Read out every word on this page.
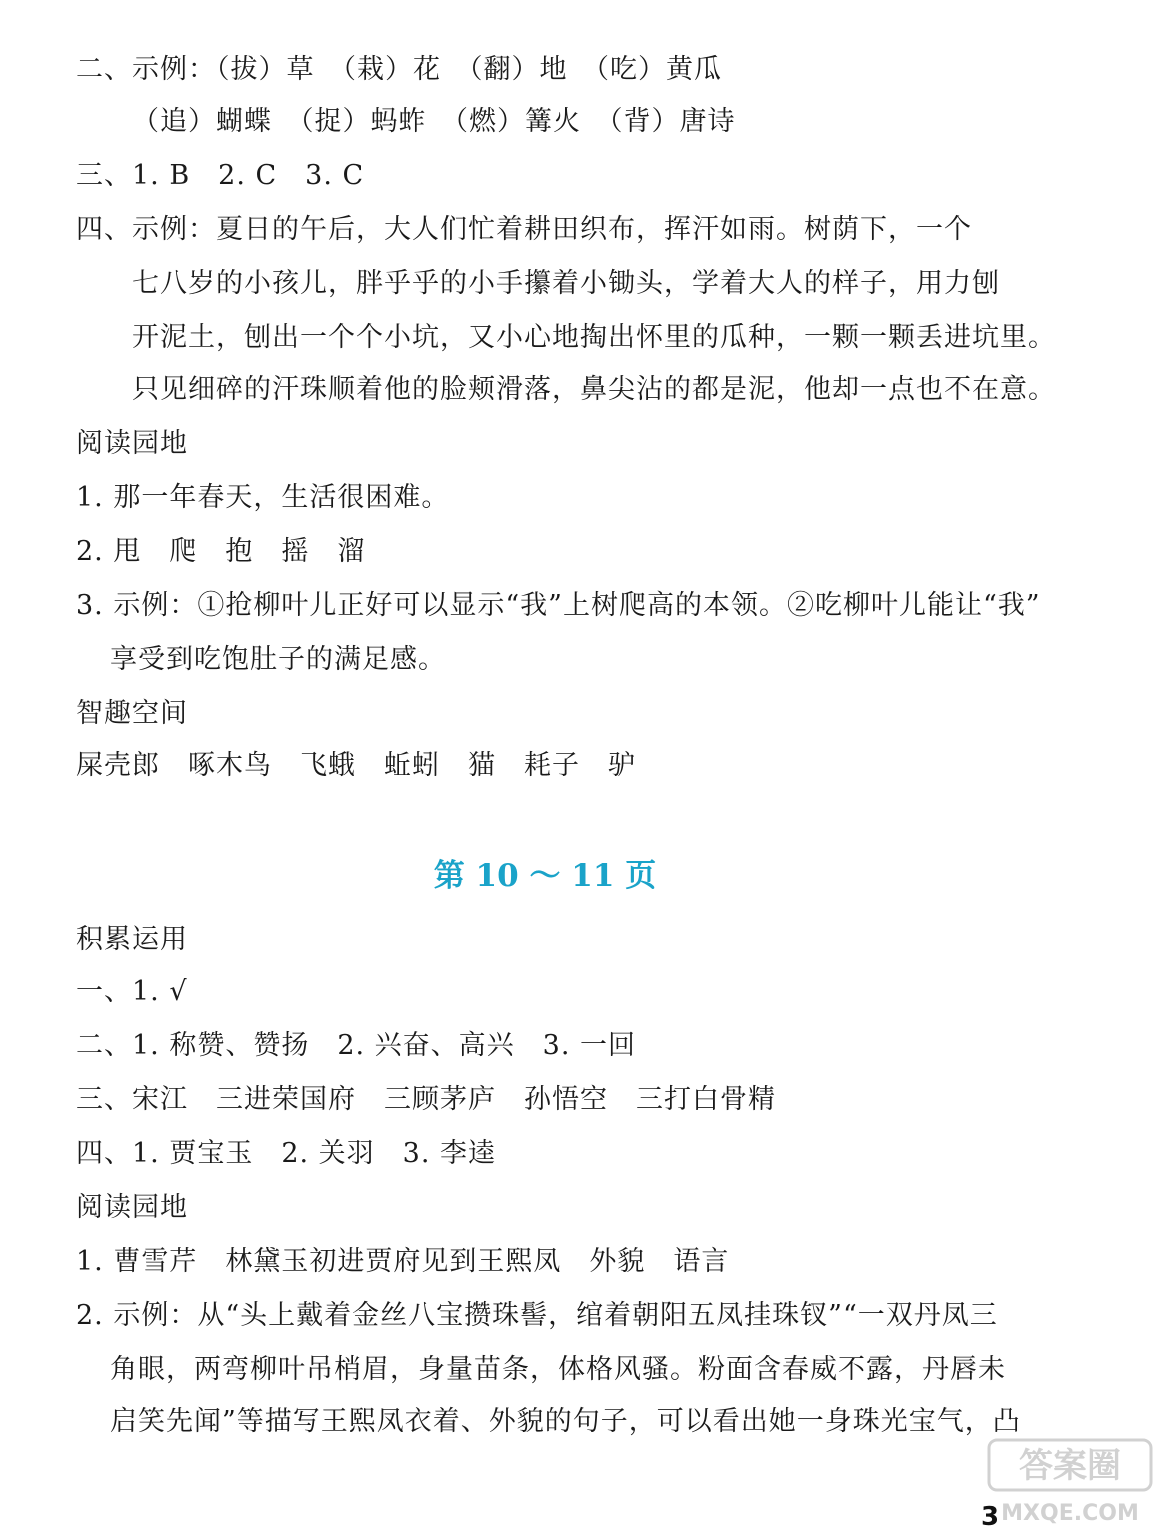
二、示例：（拔）草　（栽）花　（翻）地　（吃）黄瓜
（追）蝴蝶　（捉）蚂蚱　（燃）篝火　（背）唐诗
三、1. B　2. C　3. C
四、示例：夏日的午后，大人们忙着耕田织布，挥汗如雨。树荫下，一个
七八岁的小孩儿，胖乎乎的小手攥着小锄头，学着大人的样子，用力刨
开泥土，刨出一个个小坑，又小心地掏出怀里的瓜种，一颗一颗丢进坑里。
只见细碎的汗珠顺着他的脸颊滑落，鼻尖沾的都是泥，他却一点也不在意。
阅读园地
1. 那一年春天，生活很困难。
2. 甩　爬　抱　摇　溜
3. 示例：①抢柳叶儿正好可以显示“我”上树爬高的本领。②吃柳叶儿能让“我”
享受到吃饱肚子的满足感。
智趣空间
屎壳郎　啄木鸟　飞蛾　蚯蚓　猫　耗子　驴
第 10 ～ 11 页
积累运用
一、1. √
二、1. 称赞、赞扬　2. 兴奋、高兴　3. 一回
三、宋江　三进荣国府　三顾茅庐　孙悟空　三打白骨精
四、1. 贾宝玉　2. 关羽　3. 李逵
阅读园地
1. 曹雪芹　林黛玉初进贾府见到王熙凤　外貌　语言
2. 示例：从“头上戴着金丝八宝攒珠髻，绾着朝阳五凤挂珠钗”“一双丹凤三
角眼，两弯柳叶吊梢眉，身量苗条，体格风骚。粉面含春威不露，丹唇未
启笑先闻”等描写王熙凤衣着、外貌的句子，可以看出她一身珠光宝气，凸
答案圈
MXQE.COM
3
